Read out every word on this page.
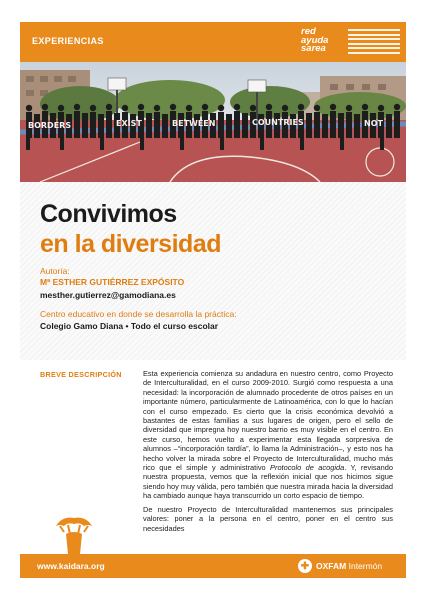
EXPERIENCIAS
red
ayuda
sarea
BORDERS	EXIST	BETWEEN	COUNTRIES	NOT
Convivimos
en la diversidad
Autoría:
Mª ESTHER GUTIÉRREZ EXPÓSITO
mesther.gutierrez@gamodiana.es
Centro educativo en donde se desarrolla la práctica:
Colegio Gamo Diana • Todo el curso escolar
BREVE DESCRIPCIÓN	Esta experiencia comienza su andadura en nuestro centro, como Proyecto de Interculturalidad, en el curso 2009-2010. Surgió como respuesta a una necesidad: la incorporación de alumnado procedente de otros países en un importante número, particularmente de Latinoamérica, con lo que lo hacían con el curso empezado. Es cierto que la crisis económica devolvió a bastantes de estas familias a sus lugares de origen, pero el sello de diversidad que impregna hoy nuestro barrio es muy visible en el centro. En este curso, hemos vuelto a experimentar esta llegada sorpresiva de alumnos –“incorporación tardía”, lo llama la Administración–, y esto nos ha hecho volver la mirada sobre el Proyecto de Interculturalidad, mucho más rico que el simple y administrativo Protocolo de acogida. Y, revisando nuestra propuesta, vemos que la reflexión inicial que nos hicimos sigue siendo hoy muy válida, pero también que nuestra mirada hacia la diversidad ha cambiado aunque haya transcurrido un corto espacio de tiempo.

De nuestro Proyecto de Interculturalidad mantenemos sus principales valores: poner a la persona en el centro, poner en el centro sus necesidades

www.kaidara.org	✚ OXFAM Intermón
